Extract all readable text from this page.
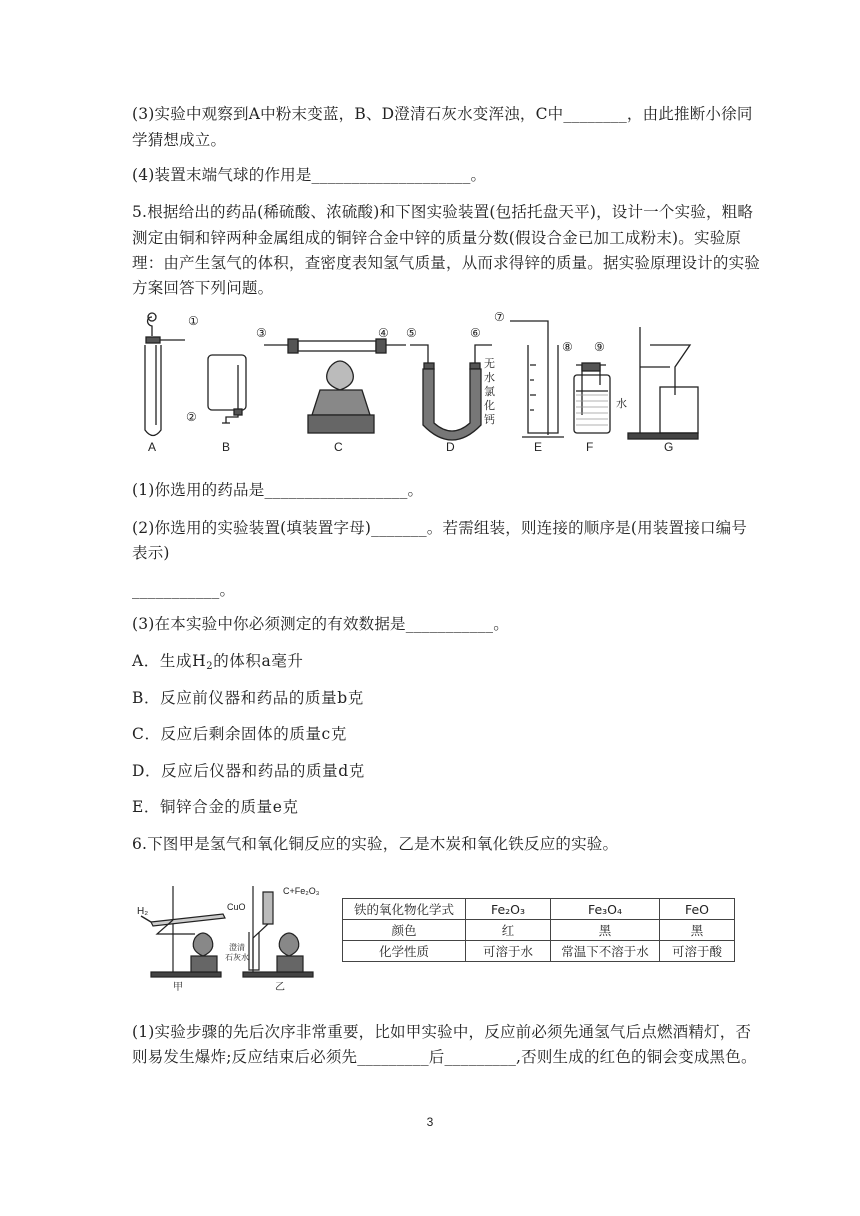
(3)实验中观察到A中粉末变蓝，B、D澄清石灰水变浑浊，C中________，由此推断小徐同
学猜想成立。
(4)装置末端气球的作用是____________________。
5.根据给出的药品(稀硫酸、浓硫酸)和下图实验装置(包括托盘天平)，设计一个实验，粗略
测定由铜和锌两种金属组成的铜锌合金中锌的质量分数(假设合金已加工成粉末)。实验原
理：由产生氢气的体积，查密度表知氢气质量，从而求得锌的质量。据实验原理设计的实验
方案回答下列问题。
①
②
③	④ ⑤	⑥
⑦
⑧ ⑨
A	B	C	D	E	F	G
无
水
氯
化
钙
水
(1)你选用的药品是__________________。
(2)你选用的实验装置(填装置字母)_______。若需组装，则连接的顺序是(用装置接口编号
表示)
___________。
(3)在本实验中你必须测定的有效数据是___________。
A．生成$H_2$的体积a毫升
B．反应前仪器和药品的质量b克
C．反应后剩余固体的质量c克
D．反应后仪器和药品的质量d克
E．铜锌合金的质量e克
6.下图甲是氢气和氧化铜反应的实验，乙是木炭和氧化铁反应的实验。
H₂	CuO
C+Fe₂O₃
澄清
石灰水
甲	乙
铁的氧化物化学式	Fe₂O₃	Fe₃O₄	FeO
颜色	红	黑	黑
化学性质	可溶于水	常温下不溶于水	可溶于酸
(1)实验步骤的先后次序非常重要，比如甲实验中，反应前必须先通氢气后点燃酒精灯，否
则易发生爆炸;反应结束后必须先_________后_________,否则生成的红色的铜会变成黑色。
3
